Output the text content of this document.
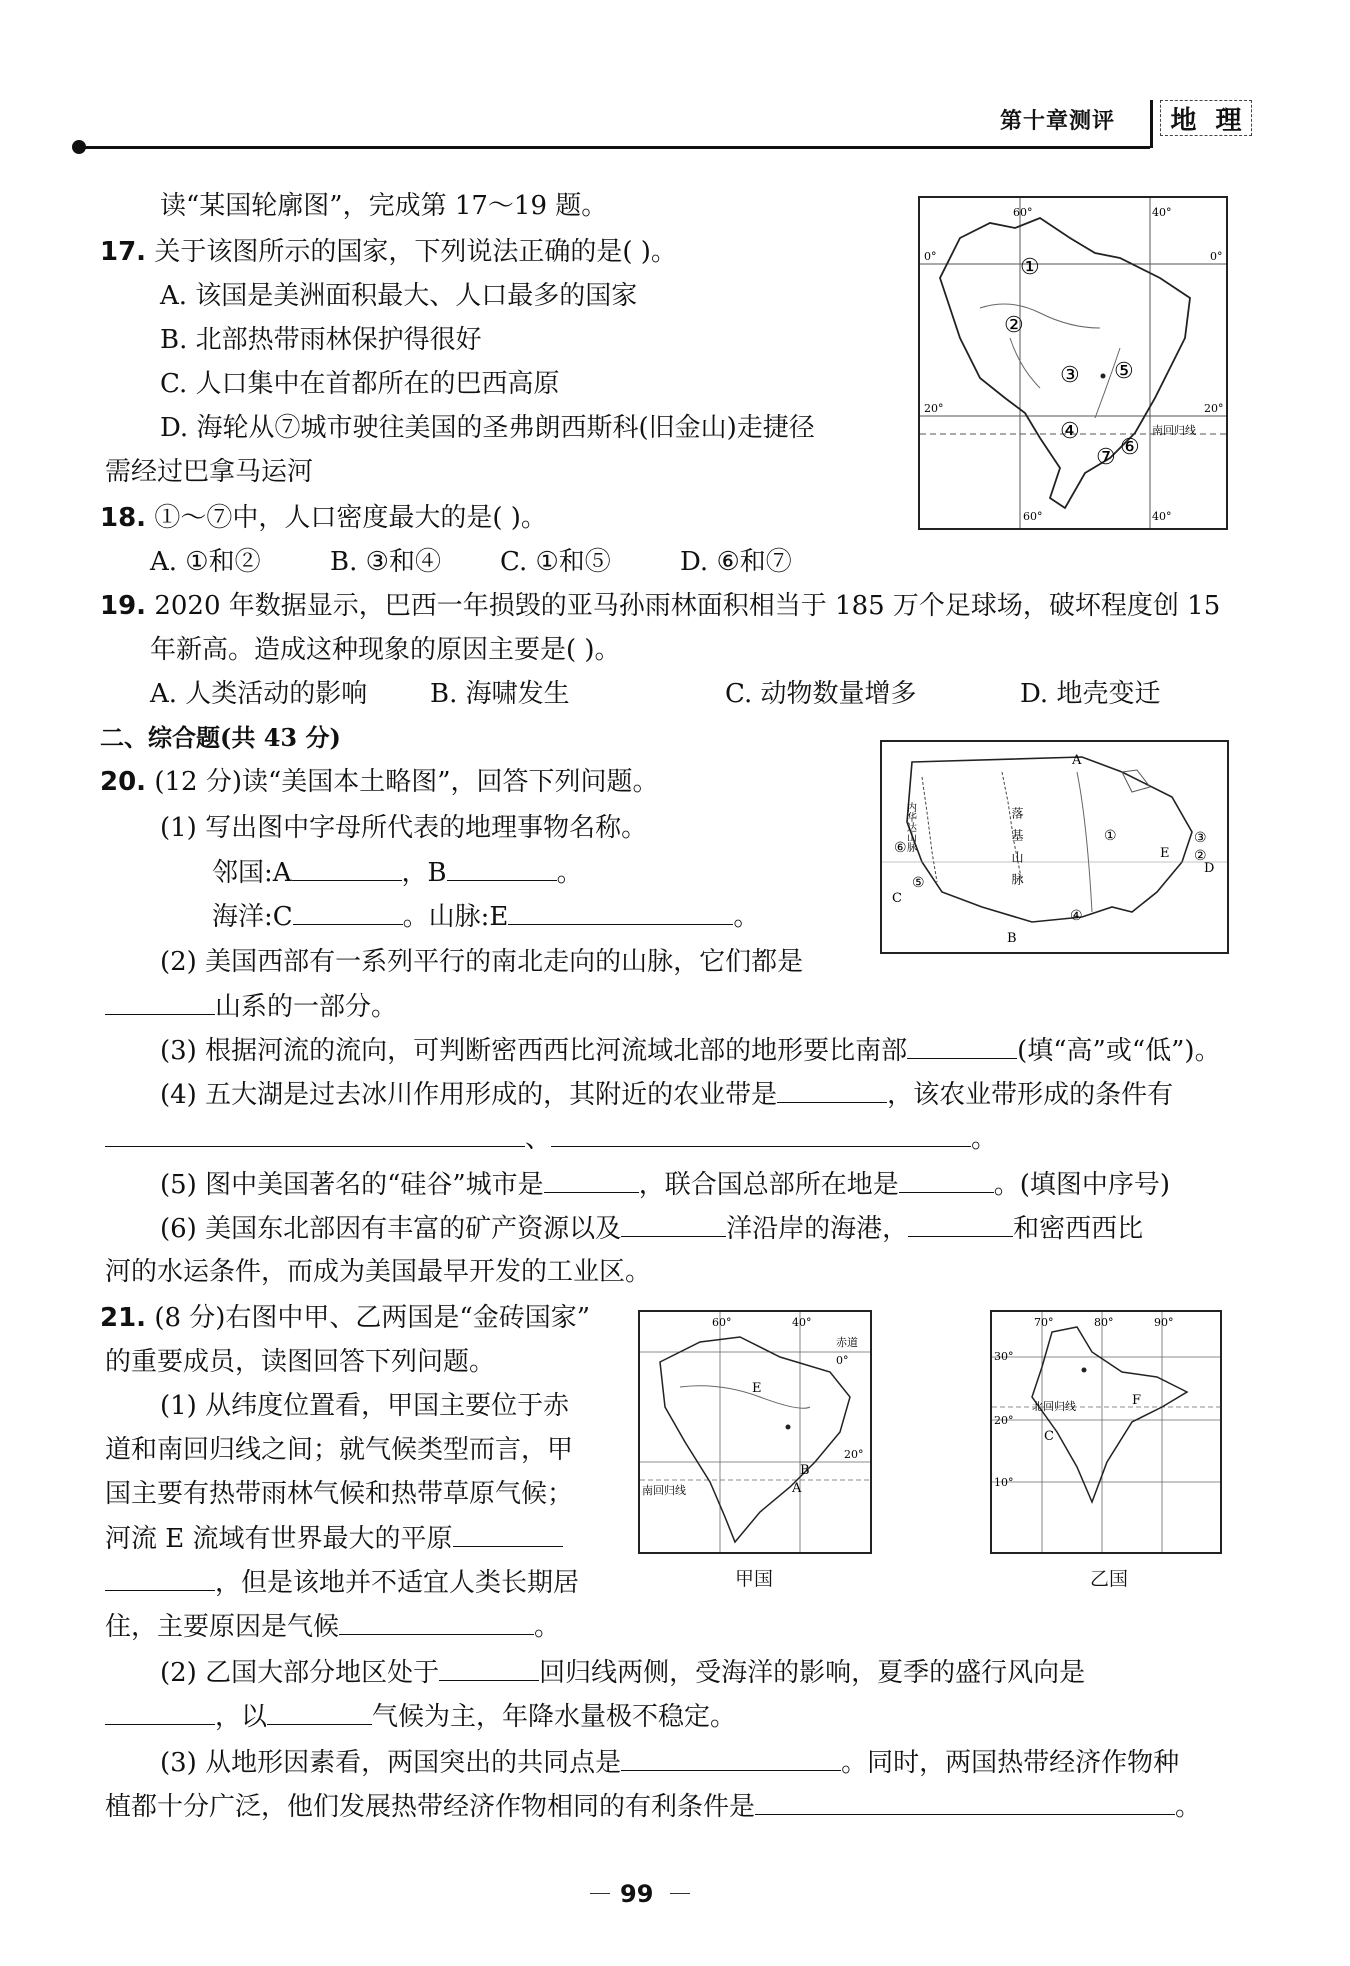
第十章测评 地 理
读“某国轮廓图”，完成第 17～19 题。
17. 关于该图所示的国家，下列说法正确的是( )。
A. 该国是美洲面积最大、人口最多的国家
B. 北部热带雨林保护得很好
C. 人口集中在首都所在的巴西高原
D. 海轮从⑦城市驶往美国的圣弗朗西斯科(旧金山)走捷径
需经过巴拿马运河
60°	40°
0°	0°
20°	20°
南回归线
60°	40°
①
②
③
④
⑤
⑥
⑦
18. ①～⑦中，人口密度最大的是( )。
A. ①和②	B. ③和④ C. ①和⑤	D. ⑥和⑦
19. 2020 年数据显示，巴西一年损毁的亚马孙雨林面积相当于 185 万个足球场，破坏程度创 15
年新高。造成这种现象的原因主要是( )。
A. 人类活动的影响 B. 海啸发生	C. 动物数量增多	D. 地壳变迁
二、综合题(共 43 分)
20. (12 分)读“美国本土略图”，回答下列问题。
(1) 写出图中字母所代表的地理事物名称。
邻国:A	，B	。
海洋:C	。山脉:E	。
(2) 美国西部有一系列平行的南北走向的山脉，它们都是
山系的一部分。
(3) 根据河流的流向，可判断密西西比河流域北部的地形要比南部	(填“高”或“低”)。
(4) 五大湖是过去冰川作用形成的，其附近的农业带是	，该农业带形成的条件有
、	。
(5) 图中美国著名的“硅谷”城市是	，联合国总部所在地是	。(填图中序号)
(6) 美国东北部因有丰富的矿产资源以及	洋沿岸的海港，	和密西西比
河的水运条件，而成为美国最早开发的工业区。
A
B
C
D
E
内华达山脉	落基山脉	①
②
③
④
⑤
⑥
21. (8 分)右图中甲、乙两国是“金砖国家”
的重要成员，读图回答下列问题。
(1) 从纬度位置看，甲国主要位于赤
道和南回归线之间；就气候类型而言，甲
国主要有热带雨林气候和热带草原气候；
河流 E 流域有世界最大的平原
，但是该地并不适宜人类长期居
住，主要原因是气候	。
60°	40°
赤道
0°
20°
南回归线
E
B
A
甲国
70°	80°	90°
30°
20°
10°
北回归线	F
C
乙国
(2) 乙国大部分地区处于	回归线两侧，受海洋的影响，夏季的盛行风向是
，以	气候为主，年降水量极不稳定。
(3) 从地形因素看，两国突出的共同点是	。同时，两国热带经济作物种
植都十分广泛，他们发展热带经济作物相同的有利条件是	。
99
